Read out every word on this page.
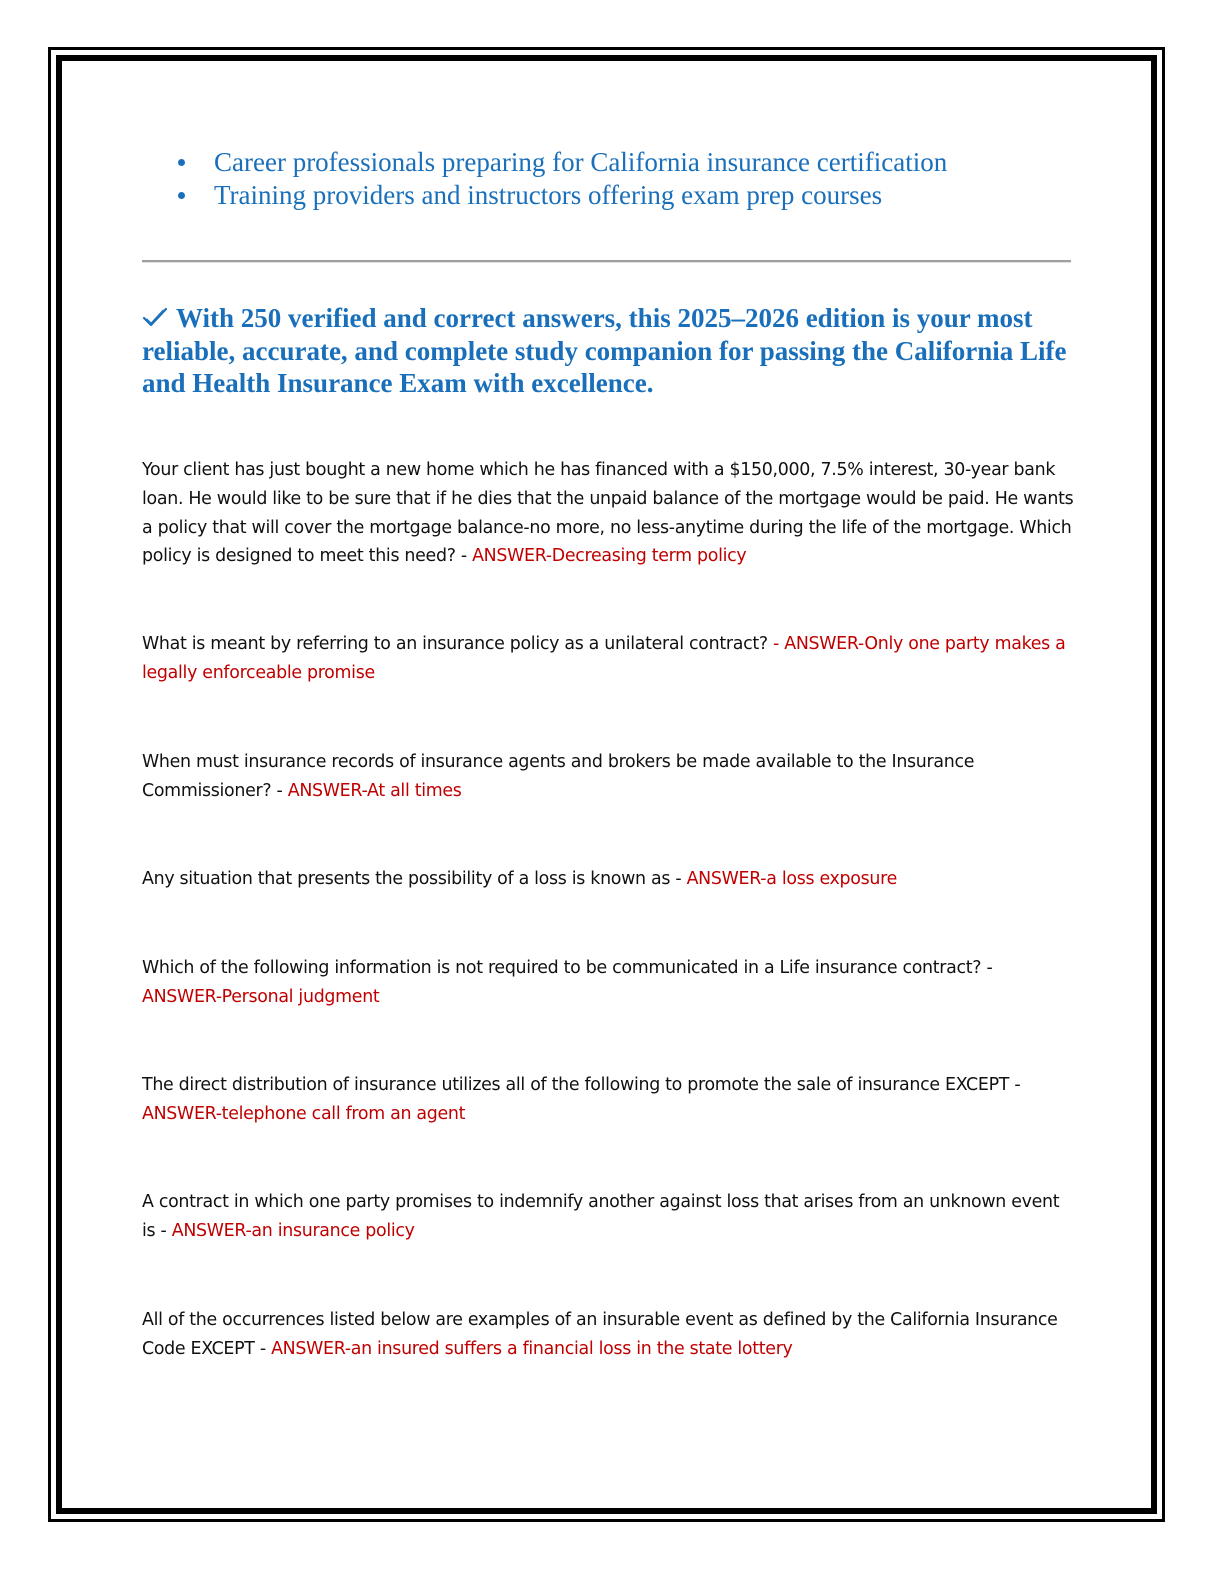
Career professionals preparing for California insurance certification
Training providers and instructors offering exam prep courses

With 250 verified and correct answers, this 2025–2026 edition is your most reliable, accurate, and complete study companion for passing the California Life and Health Insurance Exam with excellence.

Your client has just bought a new home which he has financed with a $150,000, 7.5% interest, 30-year bank loan. He would like to be sure that if he dies that the unpaid balance of the mortgage would be paid. He wants a policy that will cover the mortgage balance-no more, no less-anytime during the life of the mortgage. Which policy is designed to meet this need? - ANSWER-Decreasing term policy

What is meant by referring to an insurance policy as a unilateral contract? - ANSWER-Only one party makes a legally enforceable promise

When must insurance records of insurance agents and brokers be made available to the Insurance Commissioner? - ANSWER-At all times

Any situation that presents the possibility of a loss is known as - ANSWER-a loss exposure

Which of the following information is not required to be communicated in a Life insurance contract? - ANSWER-Personal judgment

The direct distribution of insurance utilizes all of the following to promote the sale of insurance EXCEPT - ANSWER-telephone call from an agent

A contract in which one party promises to indemnify another against loss that arises from an unknown event is - ANSWER-an insurance policy

All of the occurrences listed below are examples of an insurable event as defined by the California Insurance Code EXCEPT - ANSWER-an insured suffers a financial loss in the state lottery
